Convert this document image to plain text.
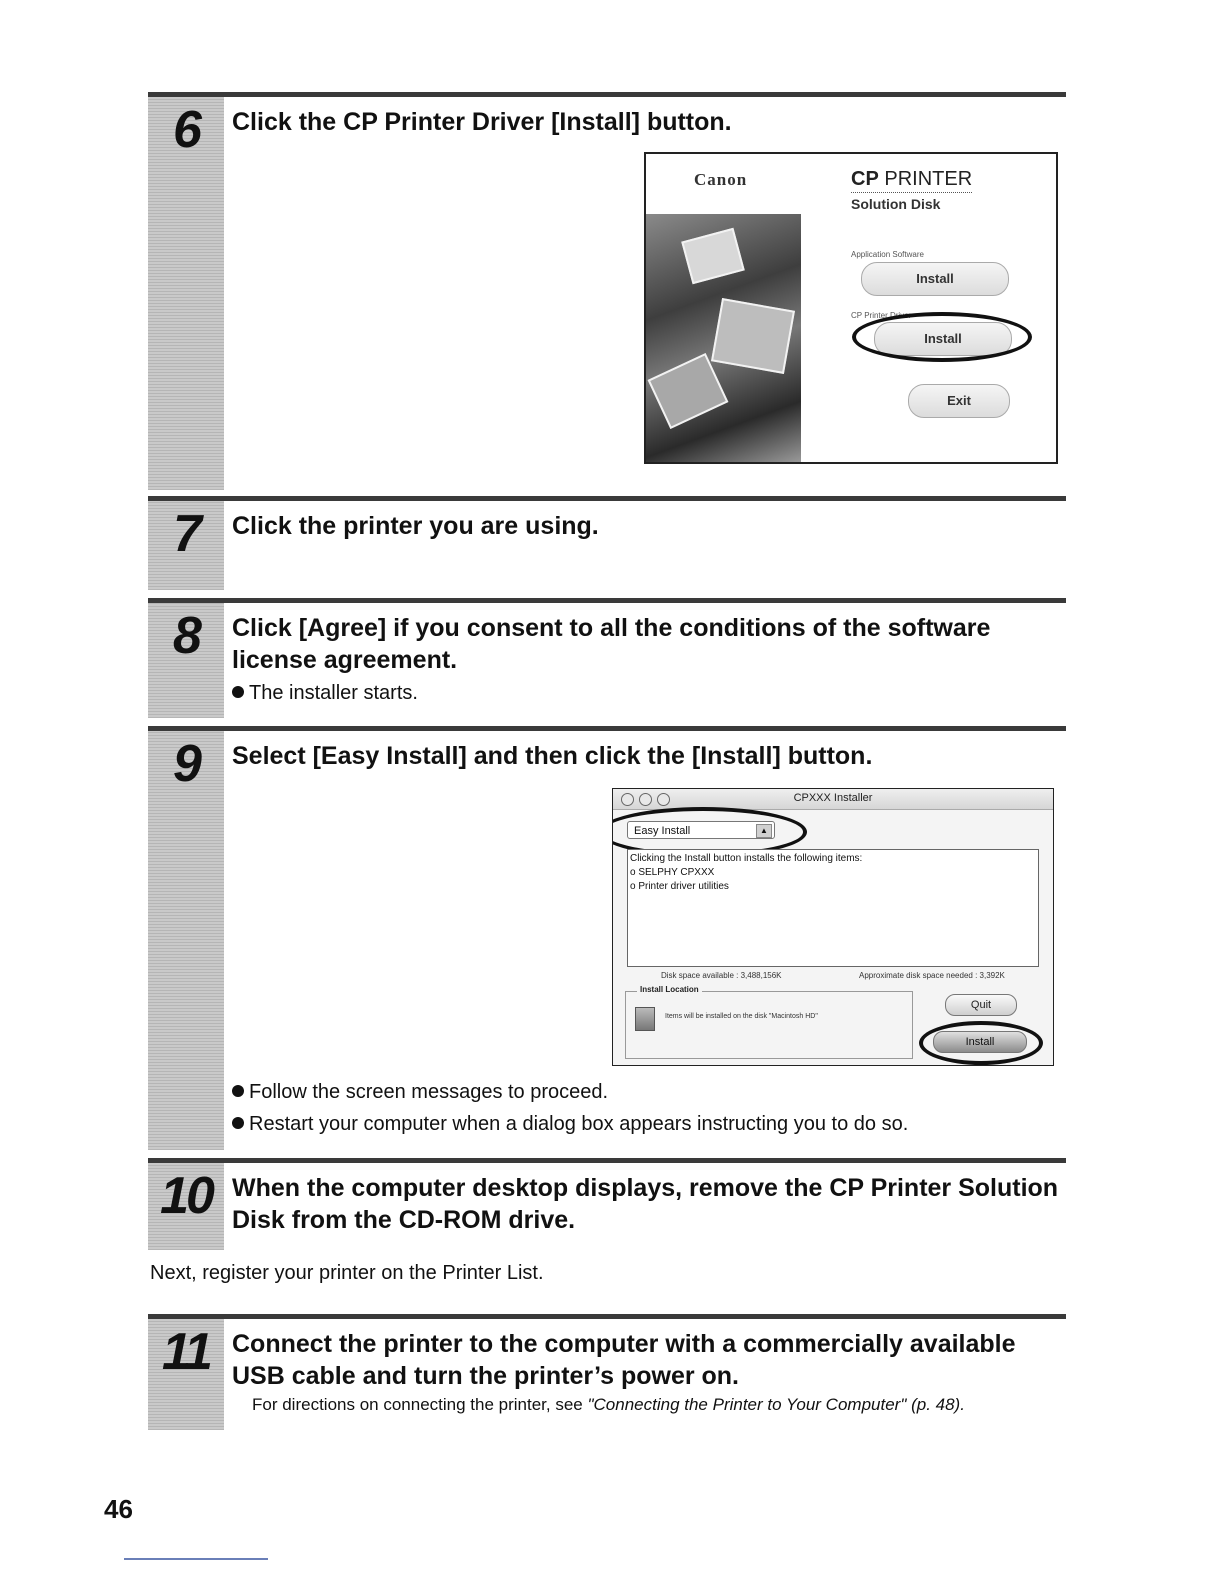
6	Click the CP Printer Driver [Install] button.
Canon	CP PRINTER
Solution Disk
Application Software
Install
CP Printer Driver
Install
Exit
7	Click the printer you are using.
8	Click [Agree] if you consent to all the conditions of the software license agreement.
The installer starts.
9	Select [Easy Install] and then click the [Install] button.
Follow the screen messages to proceed.
Restart your computer when a dialog box appears instructing you to do so.
CPXXX Installer
Easy Install	▲
Clicking the Install button installs the following items:
o SELPHY CPXXX
o Printer driver utilities
Disk space available : 3,488,156K	Approximate disk space needed : 3,392K
Install Location
Items will be installed on the disk "Macintosh HD"
Quit
Install
10 When the computer desktop displays, remove the CP Printer Solution Disk from the CD-ROM drive.
Next, register your printer on the Printer List.
11 Connect the printer to the computer with a commercially available USB cable and turn the printer’s power on.
For directions on connecting the printer, see "Connecting the Printer to Your Computer" (p. 48).
46
